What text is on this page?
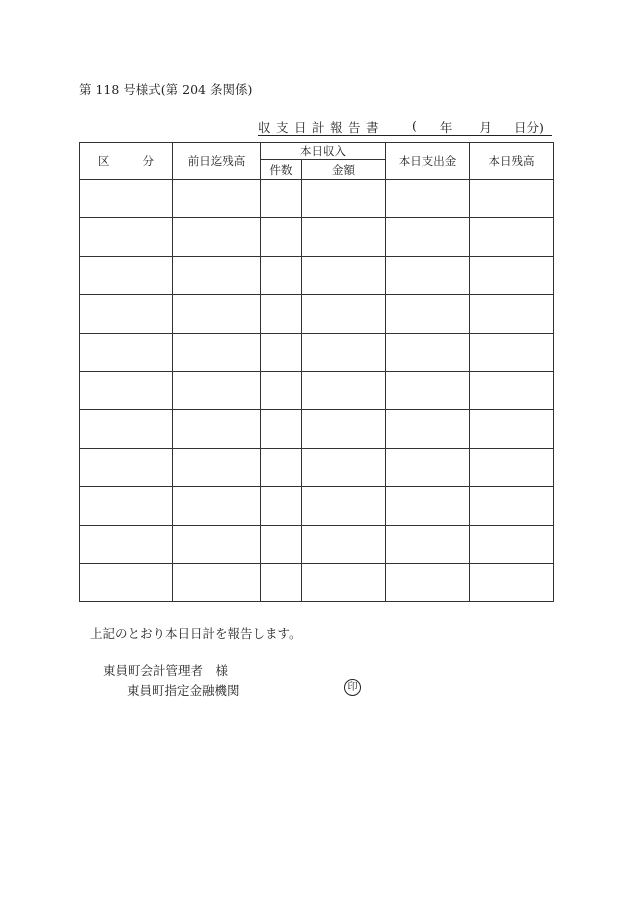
第 118 号様式(第 204 条関係)
収支日計報告書 ( 年 月 日分)
区 分	前日迄残高	本日収入		本日支出金	本日残高
		件数	金額		

上記のとおり本日日計を報告します。
東員町会計管理者　様
東員町指定金融機関	印
